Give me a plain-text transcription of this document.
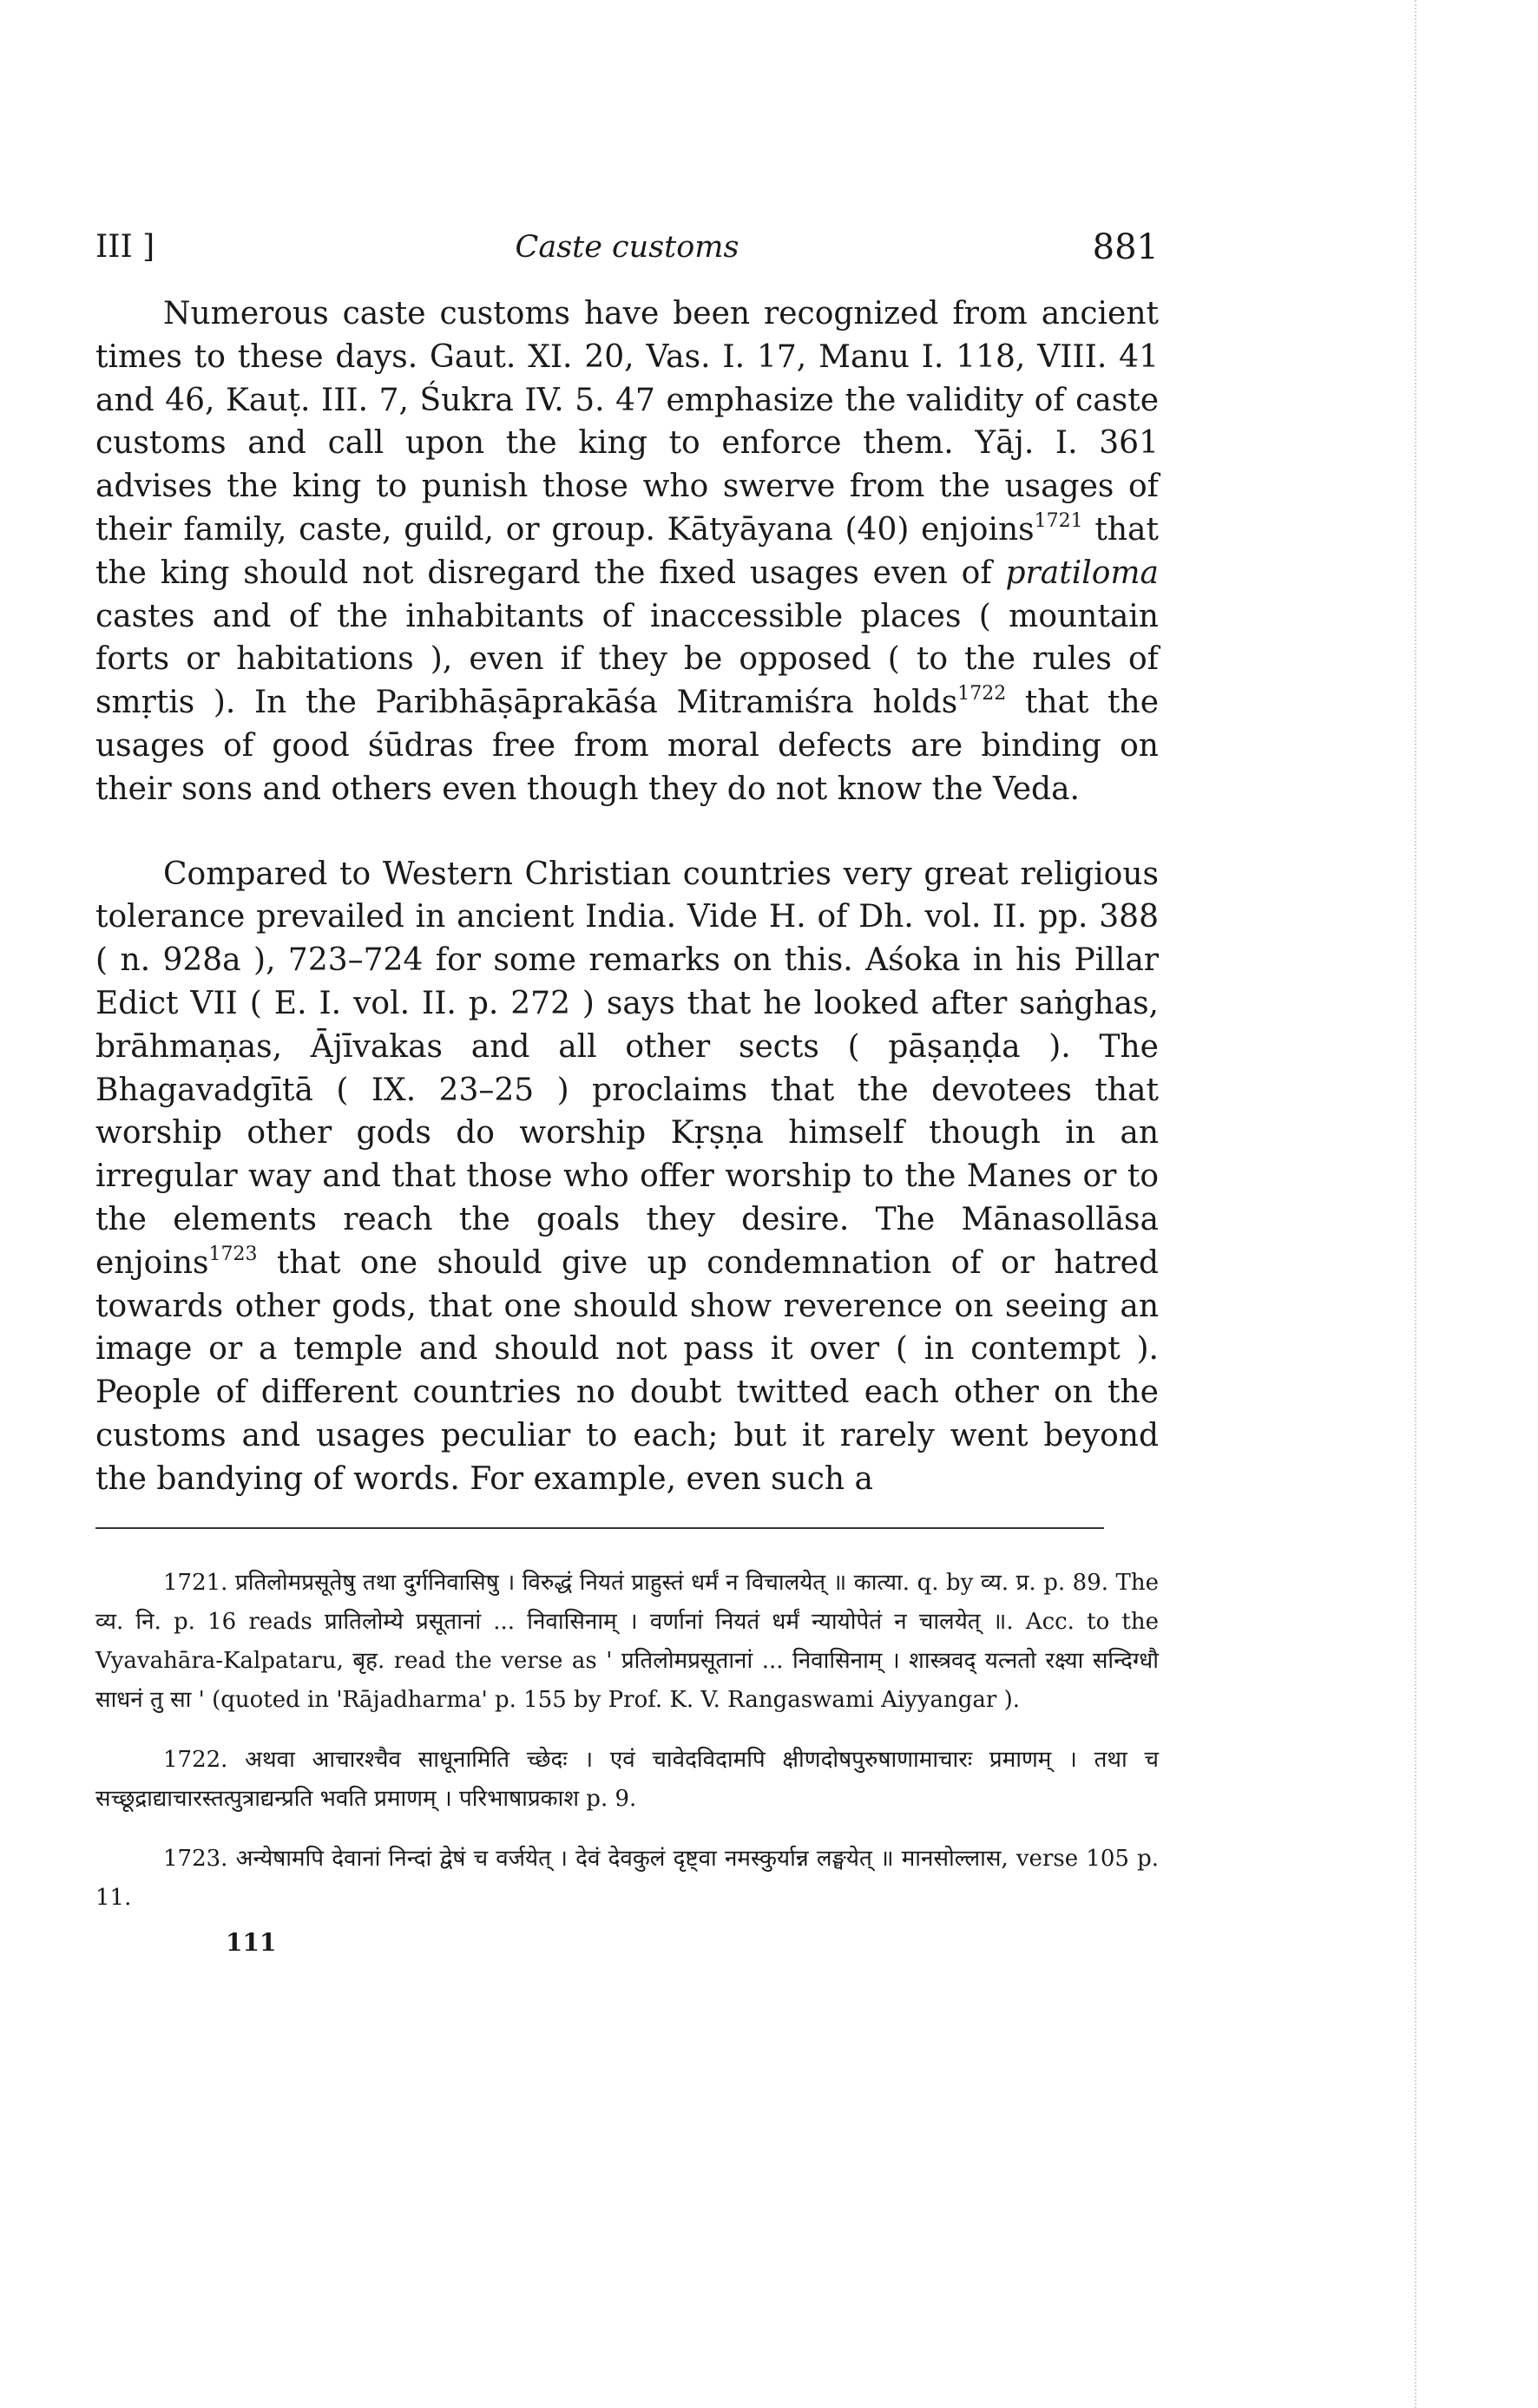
III ]	Caste customs	881

Numerous caste customs have been recognized from ancient times to these days. Gaut. XI. 20, Vas. I. 17, Manu I. 118, VIII. 41 and 46, Kauṭ. III. 7, Śukra IV. 5. 47 emphasize the validity of caste customs and call upon the king to enforce them. Yāj. I. 361 advises the king to punish those who swerve from the usages of their family, caste, guild, or group. Kātyāyana (40) enjoins$^{1721}$ that the king should not disregard the fixed usages even of pratiloma castes and of the inhabitants of inaccessible places ( mountain forts or habitations ), even if they be opposed ( to the rules of smṛtis ). In the Paribhāṣāprakāśa Mitramiśra holds$^{1722}$ that the usages of good śūdras free from moral defects are binding on their sons and others even though they do not know the Veda.

Compared to Western Christian countries very great religious tolerance prevailed in ancient India. Vide H. of Dh. vol. II. pp. 388 ( n. 928a ), 723–724 for some remarks on this. Aśoka in his Pillar Edict VII ( E. I. vol. II. p. 272 ) says that he looked after saṅghas, brāhmaṇas, Ājīvakas and all other sects ( pāṣaṇḍa ). The Bhagavadgītā ( IX. 23–25 ) proclaims that the devotees that worship other gods do worship Kṛṣṇa himself though in an irregular way and that those who offer worship to the Manes or to the elements reach the goals they desire. The Mānasollāsa enjoins$^{1723}$ that one should give up condemnation of or hatred towards other gods, that one should show reverence on seeing an image or a temple and should not pass it over ( in contempt ). People of different countries no doubt twitted each other on the customs and usages peculiar to each; but it rarely went beyond the bandying of words. For example, even such a

1721. प्रतिलोमप्रसूतेषु तथा दुर्गनिवासिषु । विरुद्धं नियतं प्राहुस्तं धर्मं न विचालयेत् ॥ कात्या. q. by व्य. प्र. p. 89. The व्य. नि. p. 16 reads प्रातिलोम्ये प्रसूतानां ... निवासिनाम् । वर्णानां नियतं धर्मं न्यायोपेतं न चालयेत् ॥. Acc. to the Vyavahāra-Kalpataru, बृह. read the verse as ' प्रतिलोमप्रसूतानां ... निवासिनाम् । शास्त्रवद् यत्नतो रक्ष्या सन्दिग्धौ साधनं तु सा ' (quoted in 'Rājadharma' p. 155 by Prof. K. V. Rangaswami Aiyyangar ).

1722. अथवा आचारश्चैव साधूनामिति च्छेदः । एवं चावेदविदामपि क्षीणदोषपुरुषाणामाचारः प्रमाणम् । तथा च सच्छूद्राद्याचारस्तत्पुत्राद्यन्प्रति भवति प्रमाणम् । परिभाषाप्रकाश p. 9.

1723. अन्येषामपि देवानां निन्दां द्वेषं च वर्जयेत् । देवं देवकुलं दृष्ट्वा नमस्कुर्यान्न लङ्घयेत् ॥ मानसोल्लास, verse 105 p. 11.

111
